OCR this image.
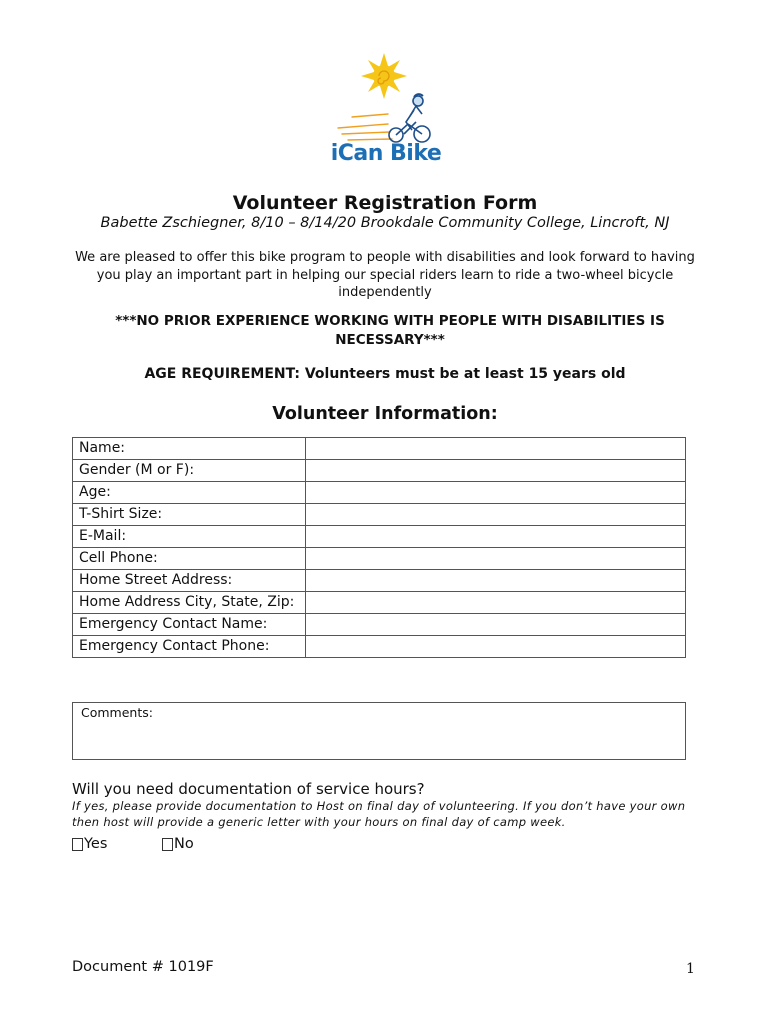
iCan Bike
Volunteer Registration Form
Babette Zschiegner, 8/10 – 8/14/20 Brookdale Community College, Lincroft, NJ
We are pleased to offer this bike program to people with disabilities and look forward to having you play an important part in helping our special riders learn to ride a two-wheel bicycle independently
***NO PRIOR EXPERIENCE WORKING WITH PEOPLE WITH DISABILITIES IS NECESSARY***
AGE REQUIREMENT: Volunteers must be at least 15 years old
Volunteer Information:
Name:	
Gender (M or F):	
Age:	
T-Shirt Size:	
E-Mail:	
Cell Phone:	
Home Street Address:	
Home Address City, State, Zip:	
Emergency Contact Name:	
Emergency Contact Phone:	
Comments:
Will you need documentation of service hours?
If yes, please provide documentation to Host on final day of volunteering. If you don’t have your own then host will provide a generic letter with your hours on final day of camp week.
Yes	No
Document # 1019F	1
